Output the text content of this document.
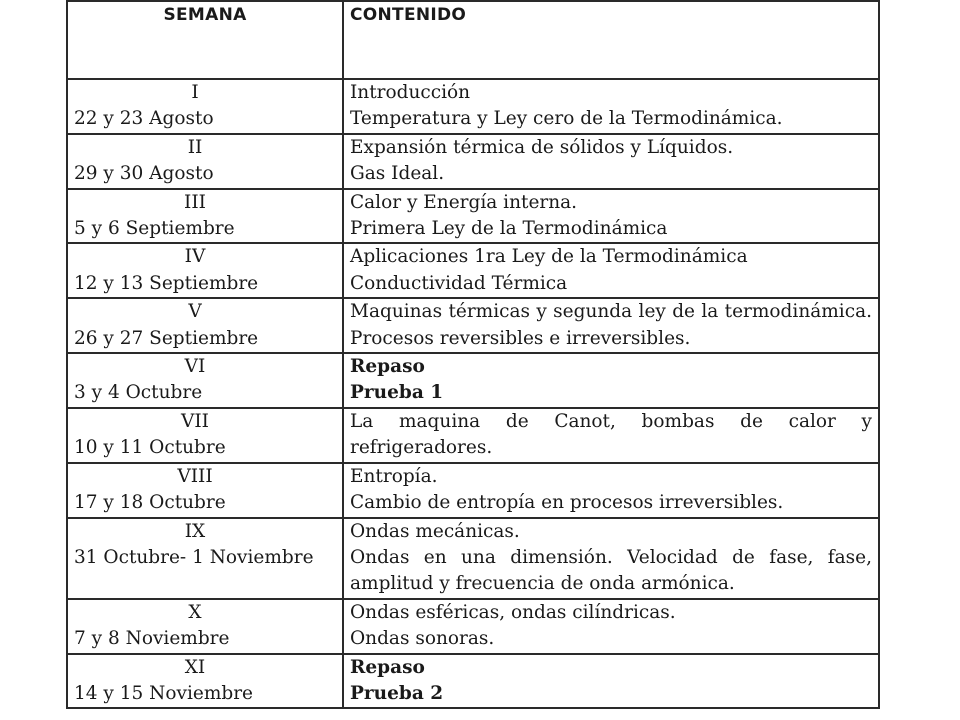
SEMANA	CONTENIDO

I
22 y 23 Agosto	Introducción
Temperatura y Ley cero de la Termodinámica.

II
29 y 30 Agosto	Expansión térmica de sólidos y Líquidos.
Gas Ideal.

III
5 y 6 Septiembre	Calor y Energía interna.
Primera Ley de la Termodinámica

IV
12 y 13 Septiembre	Aplicaciones 1ra Ley de la Termodinámica
Conductividad Térmica

V
26 y 27 Septiembre	Maquinas térmicas y segunda ley de la termodinámica. Procesos reversibles e irreversibles.

VI
3 y 4 Octubre	Repaso
Prueba 1

VII
10 y 11 Octubre	La maquina de Canot, bombas de calor y refrigeradores.

VIII
17 y 18 Octubre	Entropía.
Cambio de entropía en procesos irreversibles.

IX
31 Octubre- 1 Noviembre	Ondas mecánicas.
Ondas en una dimensión. Velocidad de fase, fase, amplitud y frecuencia de onda armónica.

X
7 y 8 Noviembre	Ondas esféricas, ondas cilíndricas.
Ondas sonoras.

XI
14 y 15 Noviembre	Repaso
Prueba 2
